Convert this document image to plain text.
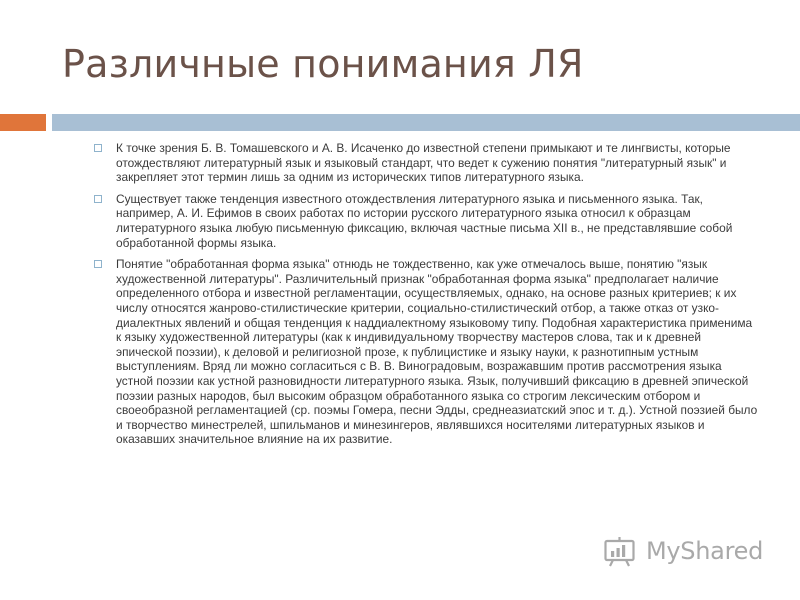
Различные понимания ЛЯ
К точке зрения Б. В. Томашевского и А. В. Исаченко до известной степени примыкают и те лингвисты, которые отождествляют литературный язык и языковый стандарт, что ведет к сужению понятия "литературный язык" и закрепляет этот термин лишь за одним из исторических типов литературного языка.
Существует также тенденция известного отождествления литературного языка и письменного языка. Так, например, А. И. Ефимов в своих работах по истории русского литературного языка относил к образцам литературного языка любую письменную фиксацию, включая частные письма XII в., не представлявшие собой обработанной формы языка.
Понятие "обработанная форма языка" отнюдь не тождественно, как уже отмечалось выше, понятию "язык художественной литературы". Различительный признак "обработанная форма языка" предполагает наличие определенного отбора и известной регламентации, осуществляемых, однако, на основе разных критериев; к их числу относятся жанрово-стилистические критерии, социально-стилистический отбор, а также отказ от узко-диалектных явлений и общая тенденция к наддиалектному языковому типу. Подобная характеристика применима к языку художественной литературы (как к индивидуальному творчеству мастеров слова, так и к древней эпической поэзии), к деловой и религиозной прозе, к публицистике и языку науки, к разнотипным устным выступлениям. Вряд ли можно согласиться с В. В. Виноградовым, возражавшим против рассмотрения языка устной поэзии как устной разновидности литературного языка. Язык, получивший фиксацию в древней эпической поэзии разных народов, был высоким образцом обработанного языка со строгим лексическим отбором и своеобразной регламентацией (ср. поэмы Гомера, песни Эдды, среднеазиатский эпос и т. д.). Устной поэзией было и творчество минестрелей, шпильманов и минезингеров, являвшихся носителями литературных языков и оказавших значительное влияние на их развитие.
MyShared
